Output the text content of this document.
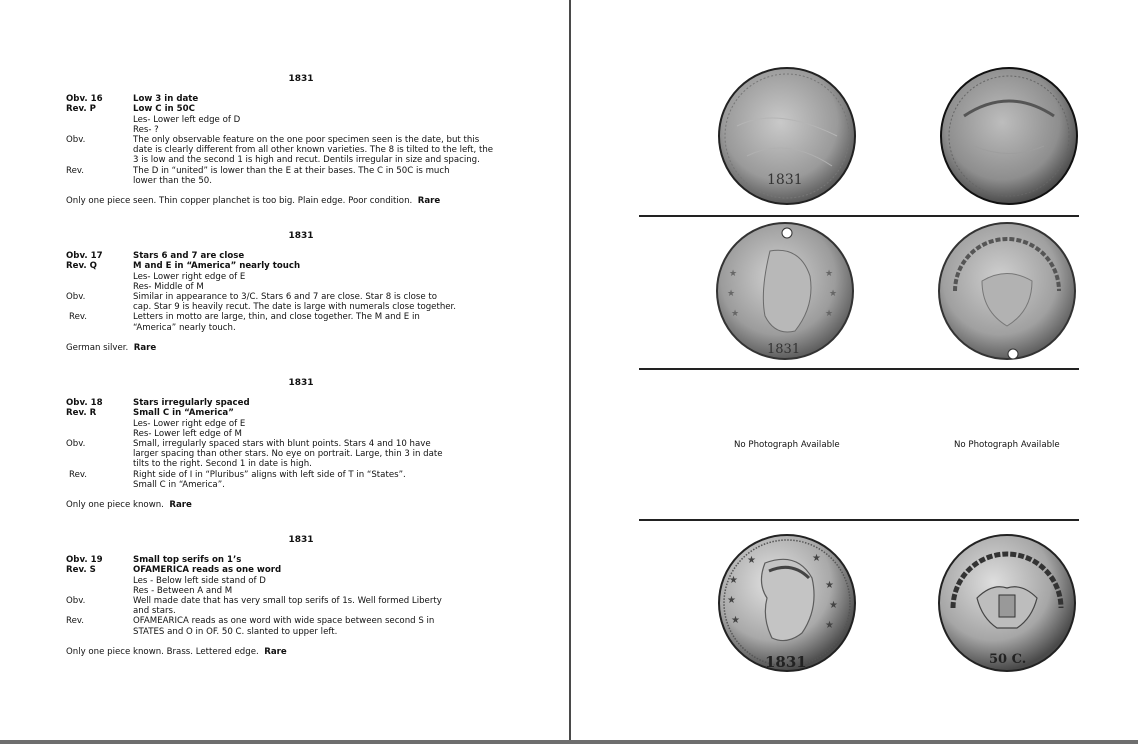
1831
Obv. 16	Low 3 in date
Rev. P	Low C in 50C
Les- Lower left edge of D
Res- ?
Obv.	The only observable feature on the one poor specimen seen is the date, but this
date is clearly different from all other known varieties. The 8 is tilted to the left, the
3 is low and the second 1 is high and recut. Dentils irregular in size and spacing.
Rev.	The D in “united” is lower than the E at their bases. The C in 50C is much
lower than the 50.
Only one piece seen. Thin copper planchet is too big. Plain edge. Poor condition. Rare
1831
Obv. 17	Stars 6 and 7 are close
Rev. Q	M and E in “America” nearly touch
Les- Lower right edge of E
Res- Middle of M
Obv.	Similar in appearance to 3/C. Stars 6 and 7 are close. Star 8 is close to
cap. Star 9 is heavily recut. The date is large with numerals close together.
Rev.	Letters in motto are large, thin, and close together. The M and E in
“America” nearly touch.
German silver. Rare
1831
Obv. 18	Stars irregularly spaced
Rev. R	Small C in “America”
Les- Lower right edge of E
Res- Lower left edge of M
Obv.	Small, irregularly spaced stars with blunt points. Stars 4 and 10 have
larger spacing than other stars. No eye on portrait. Large, thin 3 in date
tilts to the right. Second 1 in date is high.
Rev.	Right side of I in “Pluribus” aligns with left side of T in “States”.
Small C in “America”.
Only one piece known. Rare
1831
Obv. 19	Small top serifs on 1’s
Rev. S	OFAMERICA reads as one word
Les - Below left side stand of D
Res - Between A and M
Obv.	Well made date that has very small top serifs of 1s. Well formed Liberty
and stars.
Rev.	OFAMEARICA reads as one word with wide space between second S in
STATES and O in OF. 50 C. slanted to upper left.
Only one piece known. Brass. Lettered edge. Rare
1831
★
★
★
★
★
★
1831
No Photograph Available	No Photograph Available
★
★
★
★
★
★
★	★
1831	50 C.
